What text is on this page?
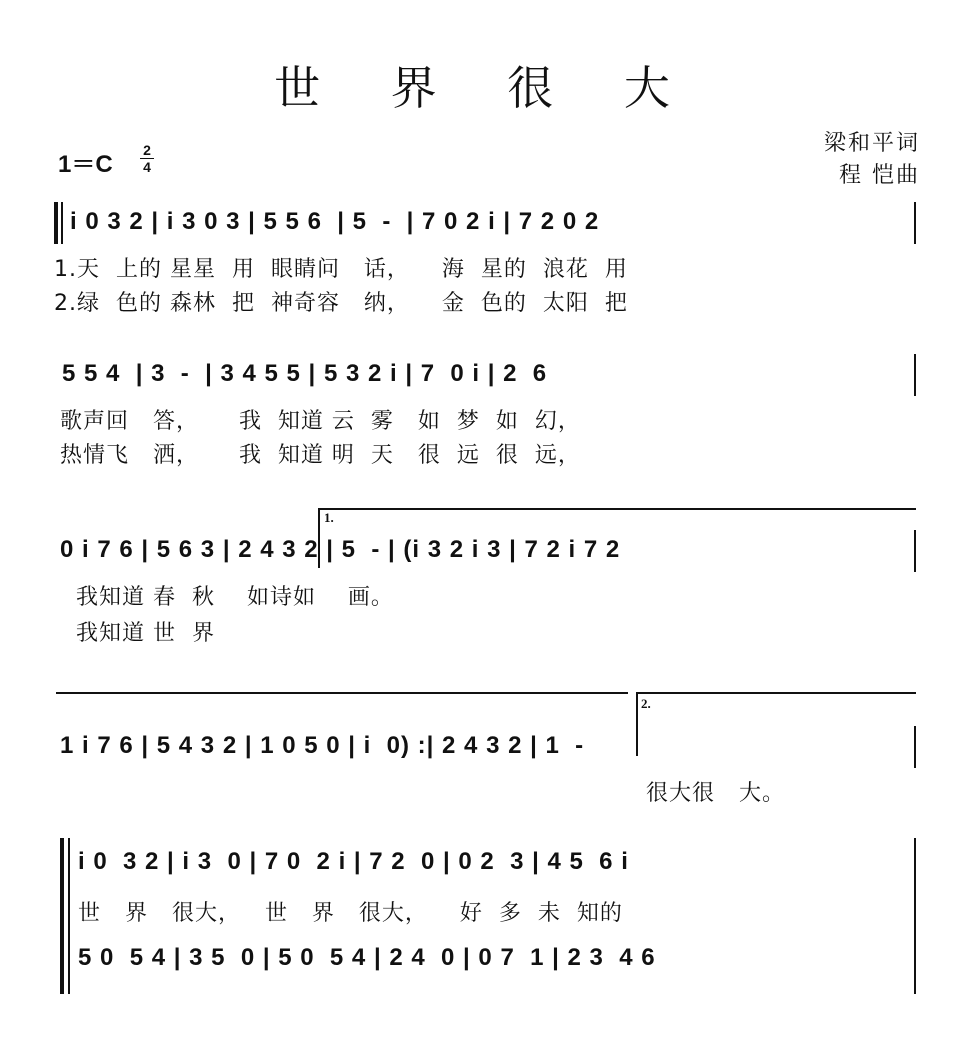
世 界 很 大
1＝C
2
4
梁和平词
程 恺曲
i 0 3 2 | i 3 0 3 | 5 5 6  | 5  -  | 7 0 2 i | 7 2 0 2
1.天  上的 星星  用  眼睛问   话，    海  星的  浪花  用
2.绿  色的 森林  把  神奇容   纳，    金  色的  太阳  把
5 5 4  | 3  -  | 3 4 5 5 | 5 3 2 i | 7  0 i | 2  6
歌声回   答，     我  知道 云  雾   如  梦  如  幻，
热情飞   洒，     我  知道 明  天   很  远  很  远，
1.
0 i 7 6 | 5 6 3 | 2 4 3 2 | 5  - | (i 3 2 i 3 | 7 2 i 7 2
我知道 春  秋    如诗如    画。
我知道 世  界
2.
1 i 7 6 | 5 4 3 2 | 1 0 5 0 | i  0) :| 2 4 3 2 | 1  -
很大很   大。
i 0  3 2 | i 3  0 | 7 0  2 i | 7 2  0 | 0 2  3 | 4 5  6 i
世   界   很大，   世   界   很大，    好  多  未  知的
5 0  5 4 | 3 5  0 | 5 0  5 4 | 2 4  0 | 0 7  1 | 2 3  4 6
